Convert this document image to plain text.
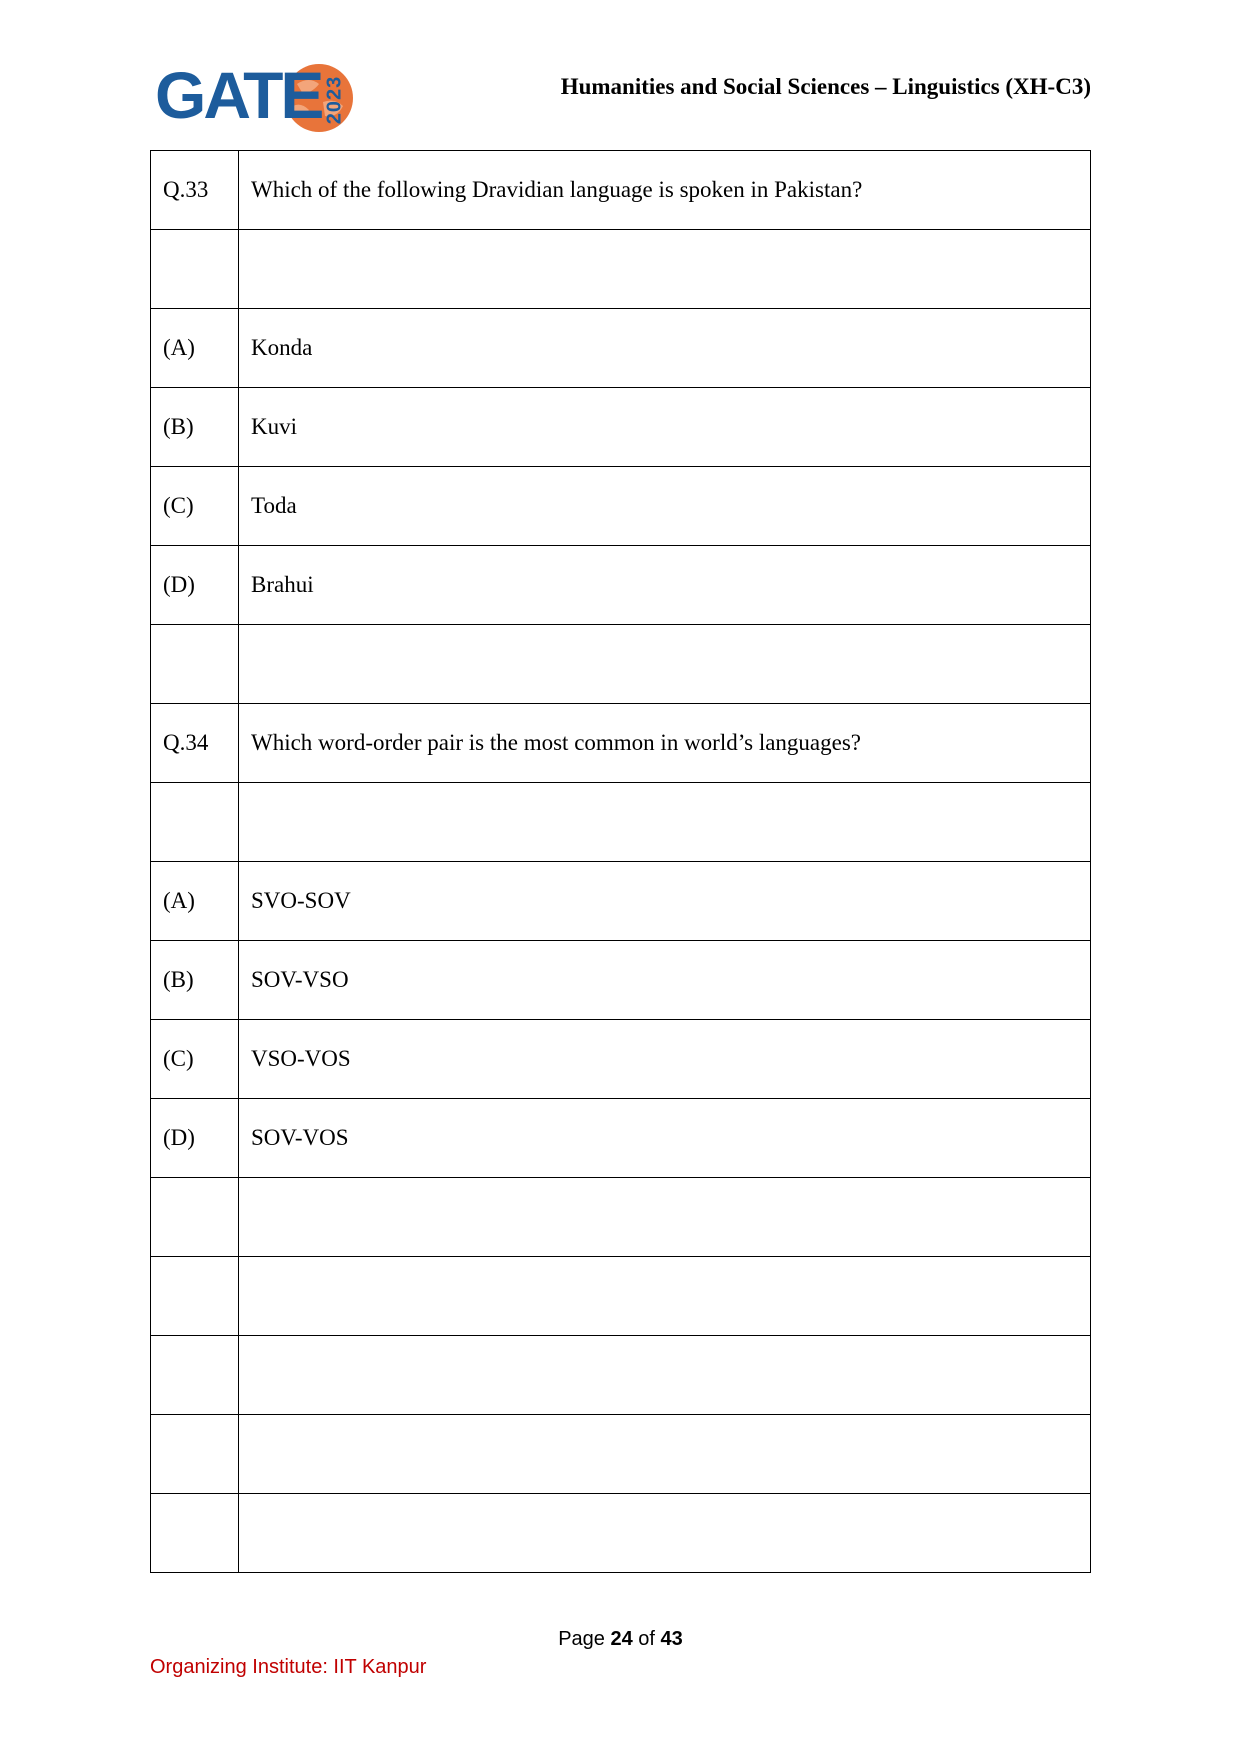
GATE 2023	Humanities and Social Sciences – Linguistics (XH-C3)
Q.33	Which of the following Dravidian language is spoken in Pakistan?

(A)	Konda
(B)	Kuvi
(C)	Toda
(D)	Brahui

Q.34	Which word-order pair is the most common in world’s languages?

(A)	SVO-SOV
(B)	SOV-VSO
(C)	VSO-VOS
(D)	SOV-VOS

Page 24 of 43
Organizing Institute: IIT Kanpur
